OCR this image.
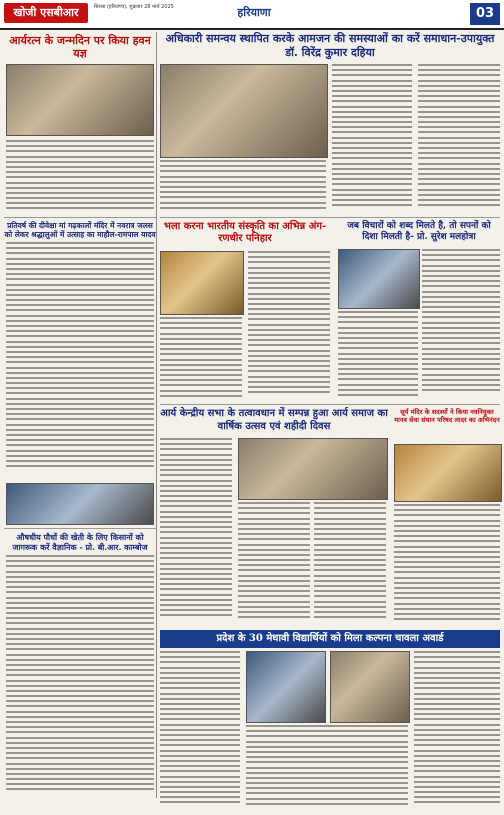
खोजी एसबीआर	सिरसा (हरियाणा), शुक्रवार 28 मार्च 2025	हरियाणा	03
आर्यरत्न के जन्मदिन पर किया हवन यज्ञ
प्रतिवर्ष की दीवेक्षा मां गढ़कालों मंदिर में नवरात्र जलस को लेकर श्रद्धालुओं में उत्साह का माहौल-रामपाल यादव
औषधीय पौधों की खेती के लिए किसानों को जागरूक करें वैज्ञानिक - प्रो. बी.आर. काम्बोज
अधिकारी समन्वय स्थापित करके आमजन की समस्याओं का करें समाधान-उपायुक्त डॉ. विरेंद्र कुमार दहिया
भला करना भारतीय संस्कृति का अभिन्न अंग-रणधीर पनिहार
जब विचारों को शब्द मिलते है, तो सपनों को दिशा मिलती है- प्रो. सुरेश मलहोत्रा
आर्य केन्द्रीय सभा के तत्वावधान में सम्पन्न हुआ आर्य समाज का वार्षिक उत्सव एवं शहीदी दिवस
सूर्य मंदिर के सदस्यों ने किया नवनियुक्त मानव सेवा संघान परिषद लादर का अभिनंदन
प्रदेश के 30 मेधावी विद्यार्थियों को मिला कल्पना चावला अवार्ड
